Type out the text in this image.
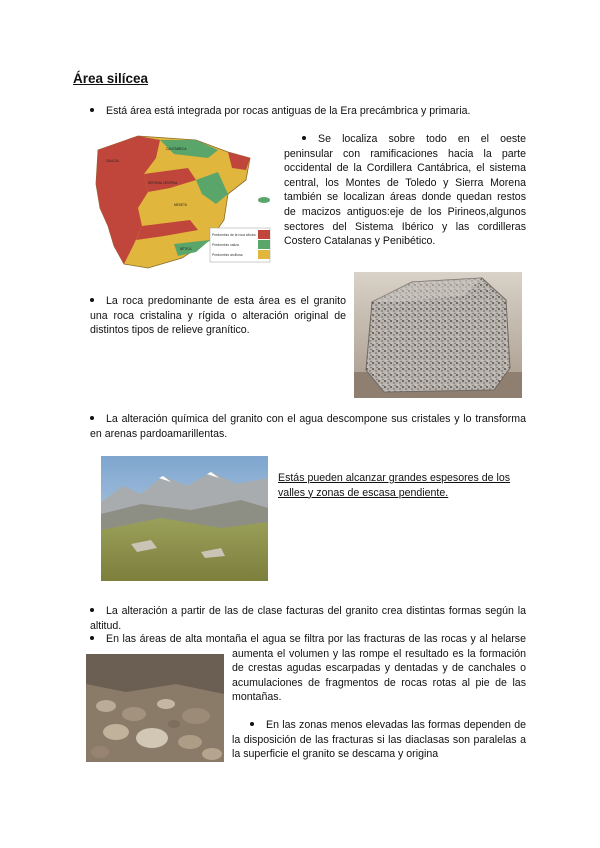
Área silícea

Está área está integrada por rocas antiguas de la Era precámbrica y primaria.

Predominio de la roca silícea
Predominio caliza
Predominio arcillosa
GALICIA
CANTÁBRICA
MESETA
SISTEMA CENTRAL
BÉTICA

Se localiza sobre todo en el oeste peninsular con ramificaciones hacia la parte occidental de la Cordillera Cantábrica, el sistema central, los Montes de Toledo y Sierra Morena también se localizan áreas donde quedan restos de macizos antiguos:eje de los Pirineos,algunos sectores del Sistema Ibérico y las cordilleras Costero Catalanas y Penibético.

La roca predominante de esta área es el granito una roca cristalina y rígida o alteración original de distintos tipos de relieve granítico.

La alteración química del granito con el agua descompone sus cristales y lo transforma en arenas pardoamarillentas.

Estás pueden alcanzar grandes espesores de los valles y zonas de escasa pendiente.

La alteración a partir de las de clase facturas del granito crea distintas formas según la altitud.

En las áreas de alta montaña el agua se filtra por las fracturas de las rocas y al helarse aumenta el volumen y las rompe el resultado es la formación de crestas agudas escarpadas y dentadas y de canchales o acumulaciones de fragmentos de rocas rotas al pie de las montañas.

En las zonas menos elevadas las formas dependen de la disposición de las fracturas si las diaclasas son paralelas a la superficie el granito se descama y origina
